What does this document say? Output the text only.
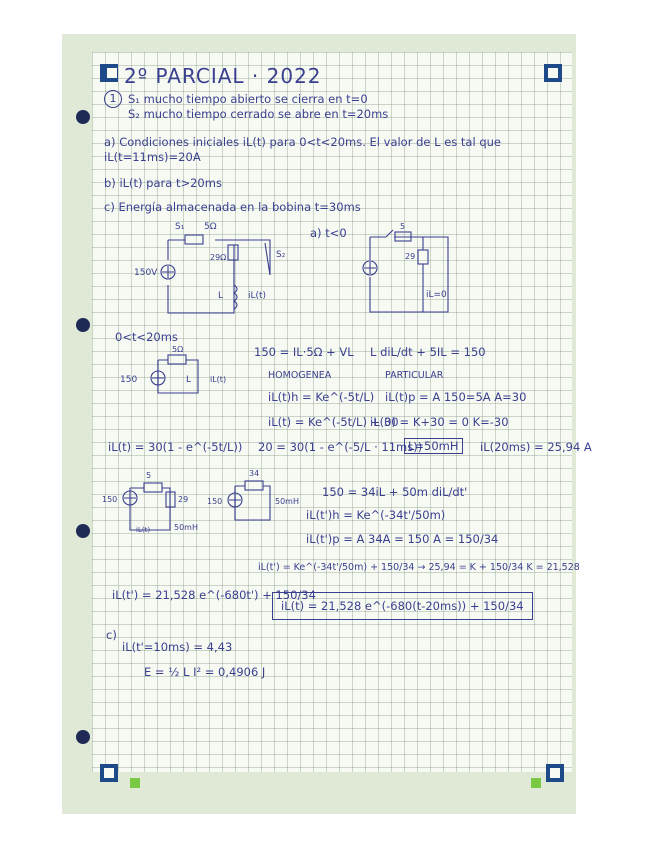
2º PARCIAL · 2022
1	S₁ mucho tiempo abierto se cierra en t=0
S₂ mucho tiempo cerrado se abre en t=20ms
a) Condiciones iniciales iL(t) para 0<t<20ms. El valor de L es tal que
iL(t=11ms)=20A
b) iL(t) para t>20ms
c) Energía almacenada en la bobina t=30ms
S₁ 5Ω
29Ω	S₂
150V
L	iL(t)
a) t<0	5
29
iL=0
0<t<20ms
5Ω
150	L iL(t)
150 = IL·5Ω + VL L diL/dt + 5IL = 150
HOMOGENEA	PARTICULAR
iL(t)h = Ke^(-5t/L) iL(t)p = A 150=5A A=30
iL(t) = Ke^(-5t/L) + 30
iL(0) = K+30 = 0 K=-30
iL(t) = 30(1 - e^(-5t/L)) 20 = 30(1 - e^(-5/L · 11ms))
L=50mH	iL(20ms) = 25,94 A
5
29
150
iL(t)	50mH
34
150	50mH
150 = 34iL + 50m diL/dt'
iL(t')h = Ke^(-34t'/50m)
iL(t')p = A 34A = 150 A = 150/34
iL(t') = Ke^(-34t'/50m) + 150/34 → 25,94 = K + 150/34 K = 21,528
iL(t') = 21,528 e^(-680t') + 150/34
iL(t) = 21,528 e^(-680(t-20ms)) + 150/34
c)
iL(t'=10ms) = 4,43
E = ½ L I² = 0,4906 J
